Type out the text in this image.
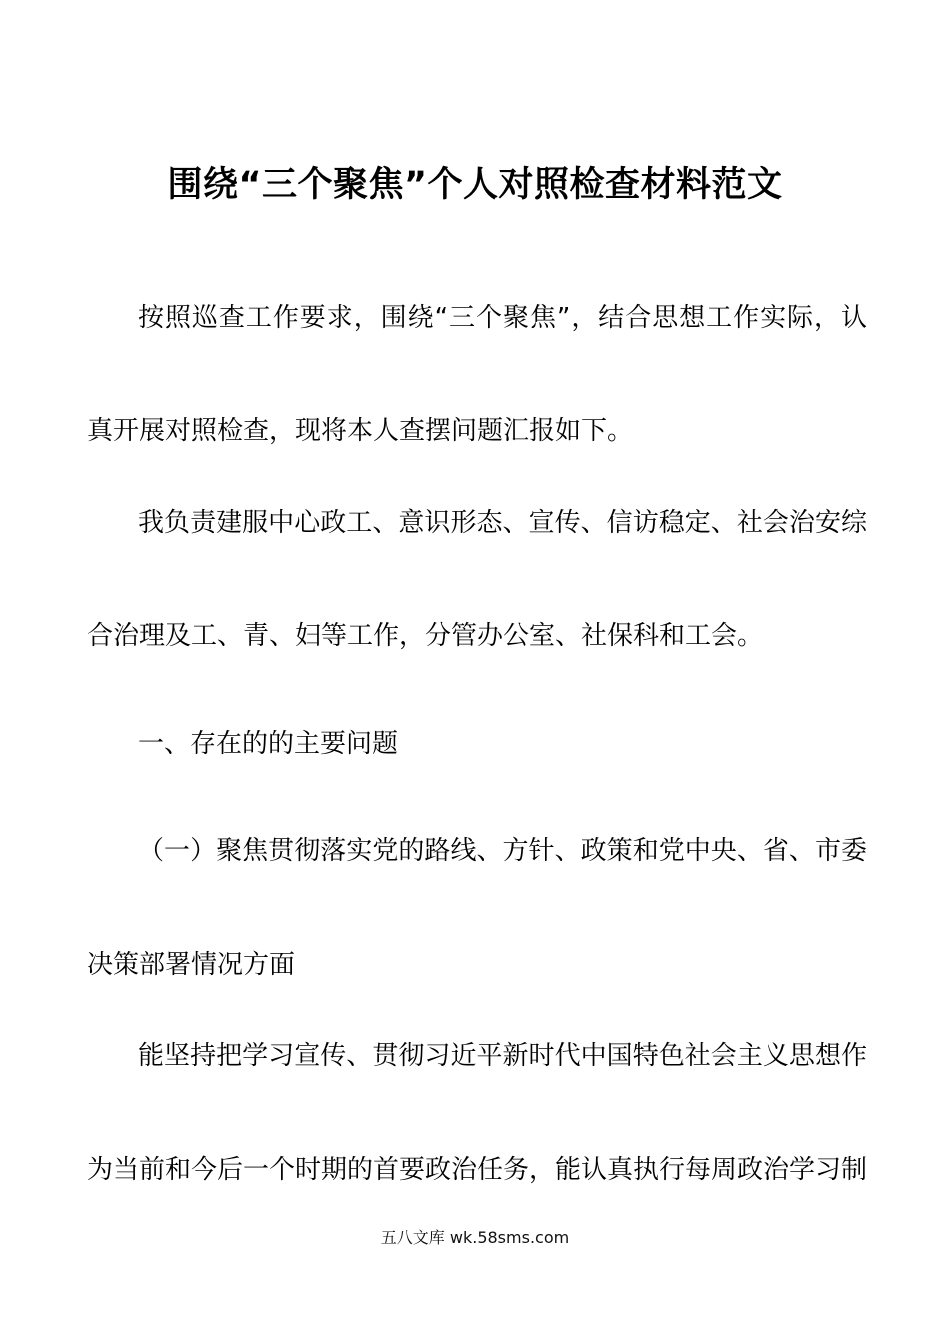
围绕“三个聚焦”个人对照检查材料范文
按照巡查工作要求，围绕“三个聚焦”，结合思想工作实际，认
真开展对照检查，现将本人查摆问题汇报如下。
我负责建服中心政工、意识形态、宣传、信访稳定、社会治安综
合治理及工、青、妇等工作，分管办公室、社保科和工会。
一、存在的的主要问题
（一）聚焦贯彻落实党的路线、方针、政策和党中央、省、市委
决策部署情况方面
能坚持把学习宣传、贯彻习近平新时代中国特色社会主义思想作
为当前和今后一个时期的首要政治任务，能认真执行每周政治学习制
五八文库 wk.58sms.com
